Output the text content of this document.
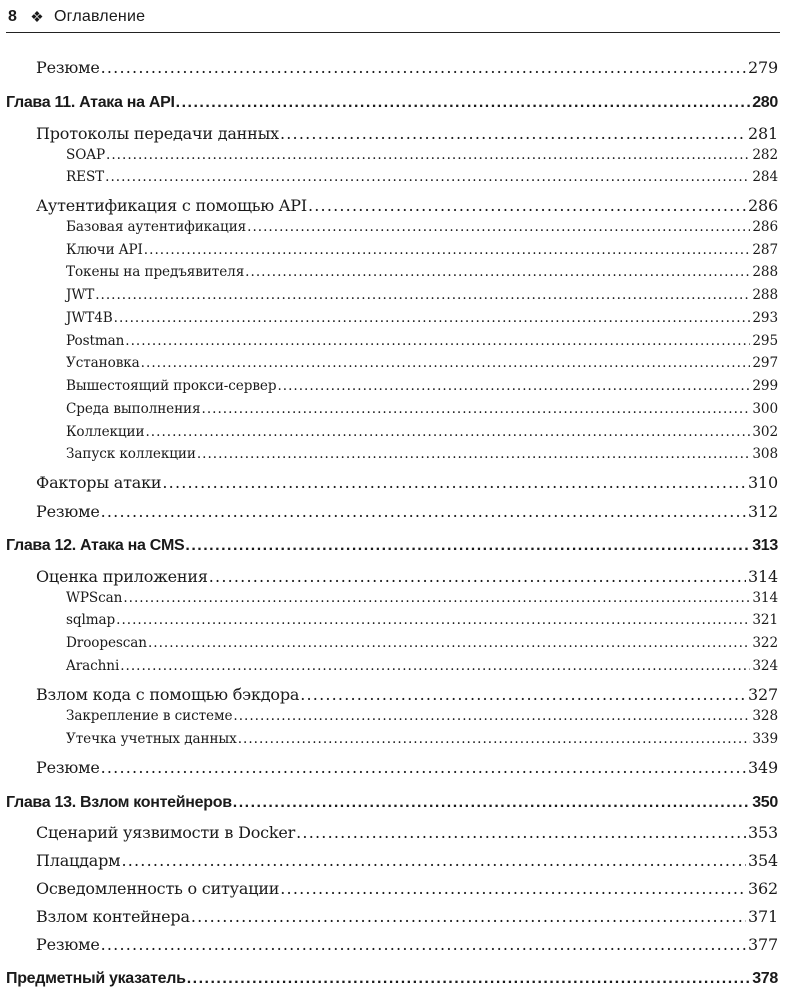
8 ❖ Оглавление
Резюме .....	279
Глава 11. Атака на API .....	280
Протоколы передачи данных .....	281
SOAP .....	282
REST .....	284
Аутентификация с помощью API .....	286
Базовая аутентификация .....	286
Ключи API .....	287
Токены на предъявителя .....	288
JWT .....	288
JWT4B .....	293
Postman .....	295
Установка .....	297
Вышестоящий прокси-сервер .....	299
Среда выполнения .....	300
Коллекции .....	302
Запуск коллекции .....	308
Факторы атаки .....	310
Резюме .....	312
Глава 12. Атака на CMS .....	313
Оценка приложения .....	314
WPScan .....	314
sqlmap .....	321
Droopescan .....	322
Arachni .....	324
Взлом кода с помощью бэкдора .....	327
Закрепление в системе .....	328
Утечка учетных данных .....	339
Резюме .....	349
Глава 13. Взлом контейнеров .....	350
Сценарий уязвимости в Docker .....	353
Плацдарм .....	354
Осведомленность о ситуации .....	362
Взлом контейнера .....	371
Резюме .....	377
Предметный указатель .....	378
